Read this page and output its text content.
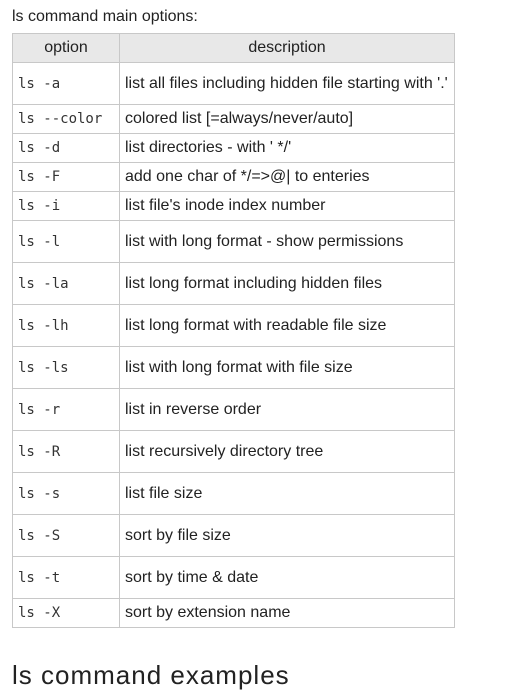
ls command main options:

option	description
ls -a	list all files including hidden file starting with '.'
ls --color	colored list [=always/never/auto]
ls -d	list directories - with ' */'
ls -F	add one char of */=>@| to enteries
ls -i	list file's inode index number
ls -l	list with long format - show permissions
ls -la	list long format including hidden files
ls -lh	list long format with readable file size
ls -ls	list with long format with file size
ls -r	list in reverse order
ls -R	list recursively directory tree
ls -s	list file size
ls -S	sort by file size
ls -t	sort by time & date
ls -X	sort by extension name
ls command examples
